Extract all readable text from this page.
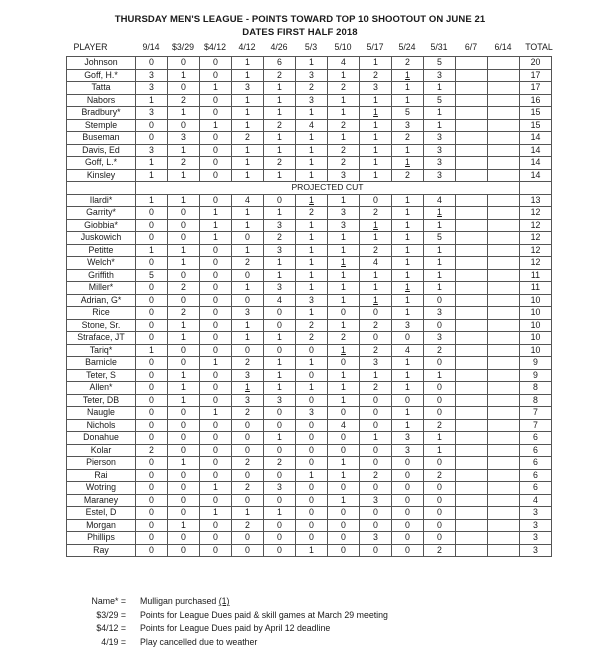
THURSDAY MEN'S LEAGUE - POINTS TOWARD TOP 10 SHOOTOUT ON JUNE 21
DATES FIRST HALF 2018
PLAYER	9/14	$3/29	$4/12	4/12	4/26	5/3	5/10	5/17	5/24	5/31	6/7	6/14	TOTAL
Johnson	0	0	0	1	6	1	4	1	2	5			20
Goff, H.*	3	1	0	1	2	3	1	2	1	3			17
Tatta	3	0	1	3	1	2	2	3	1	1			17
Nabors	1	2	0	1	1	3	1	1	1	5			16
Bradbury*	3	1	0	1	1	1	1	1	5	1			15
Stemple	0	0	1	1	2	4	2	1	3	1			15
Buseman	0	3	0	2	1	1	1	1	2	3			14
Davis, Ed	3	1	0	1	1	1	2	1	1	3			14
Goff, L.*	1	2	0	1	2	1	2	1	1	3			14
Kinsley	1	1	0	1	1	1	3	1	2	3			14
	PROJECTED CUT												
Ilardi*	1	1	0	4	0	1	1	0	1	4			13
Garrity*	0	0	1	1	1	2	3	2	1	1			12
Giobbia*	0	0	1	1	3	1	3	1	1	1			12
Juskowich	0	0	1	0	2	1	1	1	1	5			12
Petitte	1	1	0	1	3	1	1	2	1	1			12
Welch*	0	1	0	2	1	1	1	4	1	1			12
Griffith	5	0	0	0	1	1	1	1	1	1			11
Miller*	0	2	0	1	3	1	1	1	1	1			11
Adrian, G*	0	0	0	0	4	3	1	1	1	0			10
Rice	0	2	0	3	0	1	0	0	1	3			10
Stone, Sr.	0	1	0	1	0	2	1	2	3	0			10
Straface, JT	0	1	0	1	1	2	2	0	0	3			10
Tariq*	1	0	0	0	0	0	1	2	4	2			10
Barnicle	0	0	1	2	1	1	0	3	1	0			9
Teter, S	0	1	0	3	1	0	1	1	1	1			9
Allen*	0	1	0	1	1	1	1	2	1	0			8
Teter, DB	0	1	0	3	3	0	1	0	0	0			8
Naugle	0	0	1	2	0	3	0	0	1	0			7
Nichols	0	0	0	0	0	0	4	0	1	2			7
Donahue	0	0	0	0	1	0	0	1	3	1			6
Kolar	2	0	0	0	0	0	0	0	3	1			6
Pierson	0	1	0	2	2	0	1	0	0	0			6
Rai	0	0	0	0	0	1	1	2	0	2			6
Wotring	0	0	1	2	3	0	0	0	0	0			6
Maraney	0	0	0	0	0	0	1	3	0	0			4
Estel, D	0	0	1	1	1	0	0	0	0	0			3
Morgan	0	1	0	2	0	0	0	0	0	0			3
Phillips	0	0	0	0	0	0	0	3	0	0			3
Ray	0	0	0	0	0	1	0	0	0	2			3
Name* = Mulligan purchased (1)
$3/29 = Points for League Dues paid & skill games at March 29 meeting
$4/12 = Points for League Dues paid by April 12 deadline
4/19 = Play cancelled due to weather
